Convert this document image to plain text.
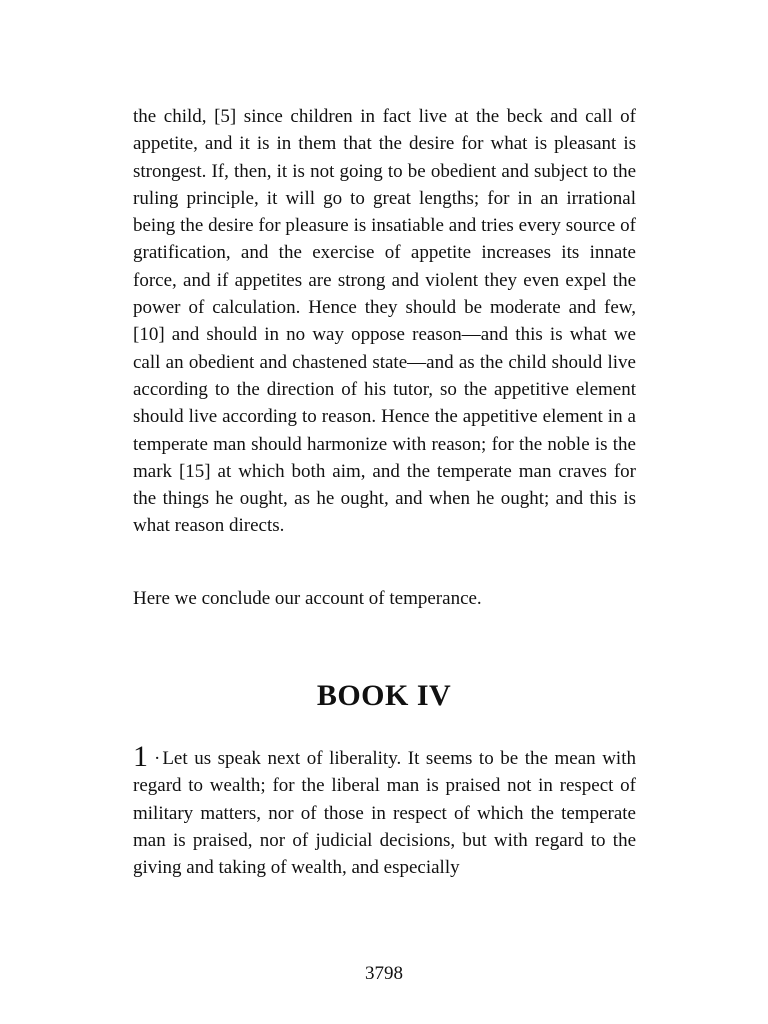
the child, [5] since children in fact live at the beck and call of appetite, and it is in them that the desire for what is pleasant is strongest. If, then, it is not going to be obedient and subject to the ruling principle, it will go to great lengths; for in an irrational being the desire for pleasure is insatiable and tries every source of gratification, and the exercise of appetite increases its innate force, and if appetites are strong and violent they even expel the power of calculation. Hence they should be moderate and few, [10] and should in no way oppose reason—and this is what we call an obedient and chastened state—and as the child should live according to the direction of his tutor, so the appetitive element should live according to reason. Hence the appetitive element in a temperate man should harmonize with reason; for the noble is the mark [15] at which both aim, and the temperate man craves for the things he ought, as he ought, and when he ought; and this is what reason directs.

Here we conclude our account of temperance.

BOOK IV

1 · Let us speak next of liberality. It seems to be the mean with regard to wealth; for the liberal man is praised not in respect of military matters, nor of those in respect of which the temperate man is praised, nor of judicial decisions, but with regard to the giving and taking of wealth, and especially

3798
